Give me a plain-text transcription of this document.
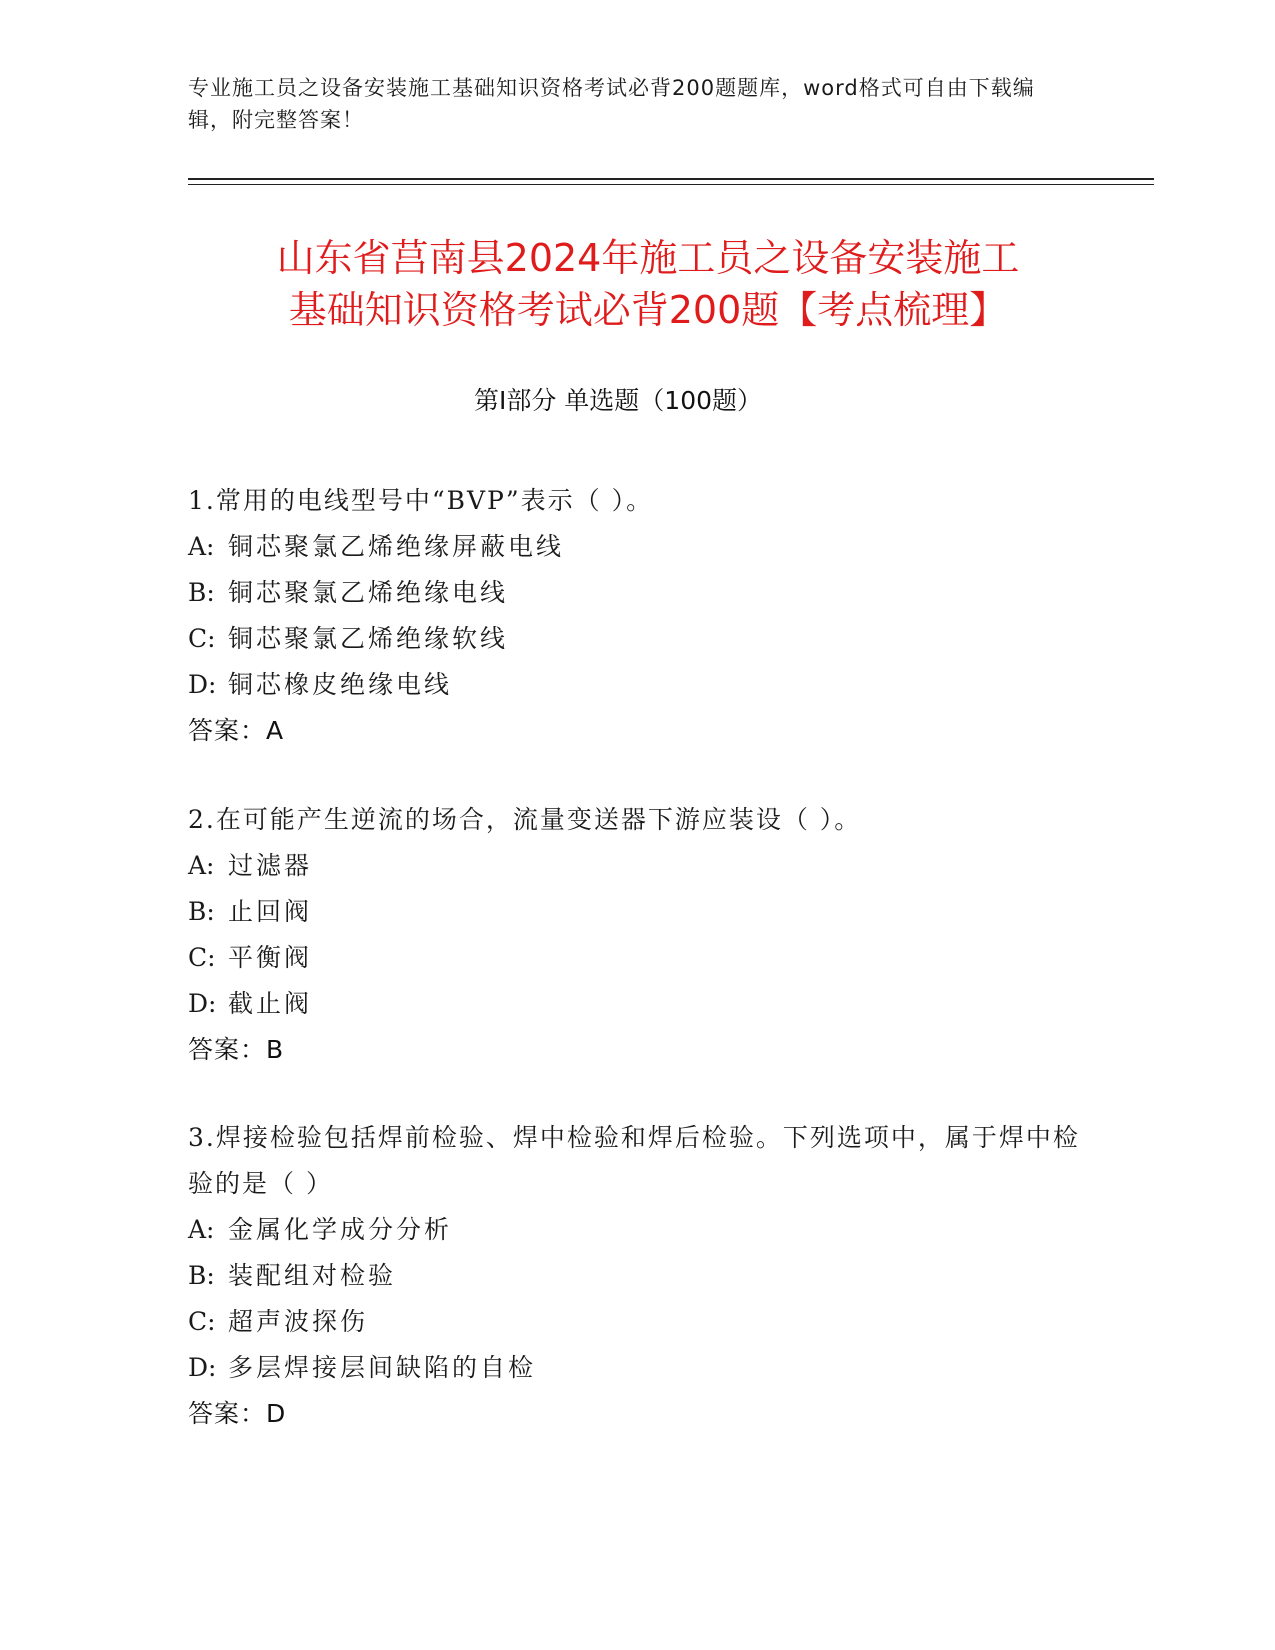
专业施工员之设备安装施工基础知识资格考试必背200题题库，word格式可自由下载编辑，附完整答案！
山东省莒南县2024年施工员之设备安装施工
基础知识资格考试必背200题【考点梳理】
第Ⅰ部分 单选题（100题）

1.常用的电线型号中“BVP”表示（ ）。

A: 铜芯聚氯乙烯绝缘屏蔽电线

B: 铜芯聚氯乙烯绝缘电线

C: 铜芯聚氯乙烯绝缘软线

D: 铜芯橡皮绝缘电线

答案：A

2.在可能产生逆流的场合，流量变送器下游应装设（ ）。

A: 过滤器

B: 止回阀

C: 平衡阀

D: 截止阀

答案：B

3.焊接检验包括焊前检验、焊中检验和焊后检验。下列选项中，属于焊中检验的是（ ）

A: 金属化学成分分析

B: 装配组对检验

C: 超声波探伤

D: 多层焊接层间缺陷的自检

答案：D
